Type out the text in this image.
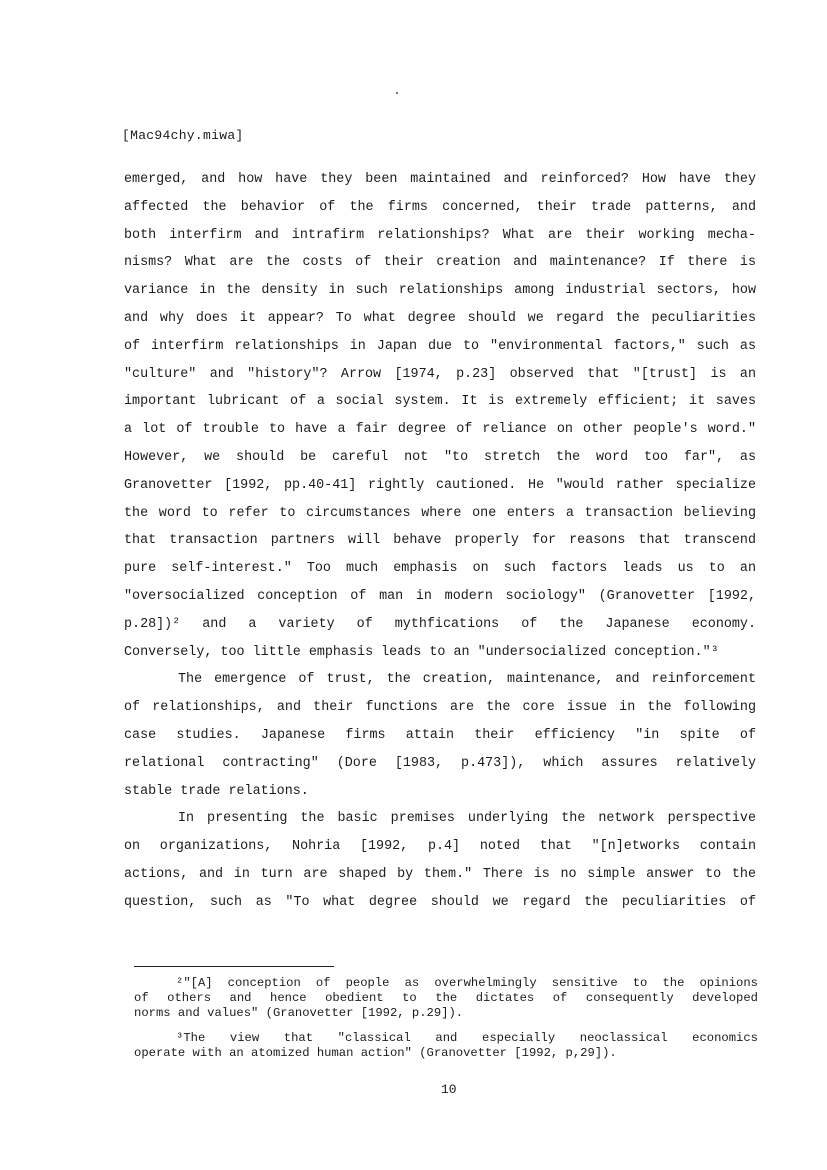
[Mac94chy.miwa]
emerged, and how have they been maintained and reinforced? How have they
affected the behavior of the firms concerned, their trade patterns, and
both interfirm and intrafirm relationships? What are their working mecha-
nisms? What are the costs of their creation and maintenance? If there is
variance in the density in such relationships among industrial sectors, how
and why does it appear? To what degree should we regard the peculiarities
of interfirm relationships in Japan due to "environmental factors," such as
"culture" and "history"? Arrow [1974, p.23] observed that "[trust] is an
important lubricant of a social system. It is extremely efficient; it saves
a lot of trouble to have a fair degree of reliance on other people's word."
However, we should be careful not "to stretch the word too far", as
Granovetter [1992, pp.40-41] rightly cautioned. He "would rather specialize
the word to refer to circumstances where one enters a transaction believing
that transaction partners will behave properly for reasons that transcend
pure self-interest." Too much emphasis on such factors leads us to an
"oversocialized conception of man in modern sociology" (Granovetter [1992,
p.28])² and a variety of mythfications of the Japanese economy.
Conversely, too little emphasis leads to an "undersocialized conception."³
The emergence of trust, the creation, maintenance, and reinforcement
of relationships, and their functions are the core issue in the following
case studies. Japanese firms attain their efficiency "in spite of
relational contracting" (Dore [1983, p.473]), which assures relatively
stable trade relations.
In presenting the basic premises underlying the network perspective
on organizations, Nohria [1992, p.4] noted that "[n]etworks contain
actions, and in turn are shaped by them." There is no simple answer to the
question, such as "To what degree should we regard the peculiarities of
²"[A] conception of people as overwhelmingly sensitive to the opinions
of others and hence obedient to the dictates of consequently developed
norms and values" (Granovetter [1992, p.29]).
³The view that "classical and especially neoclassical economics
operate with an atomized human action" (Granovetter [1992, p,29]).
10
